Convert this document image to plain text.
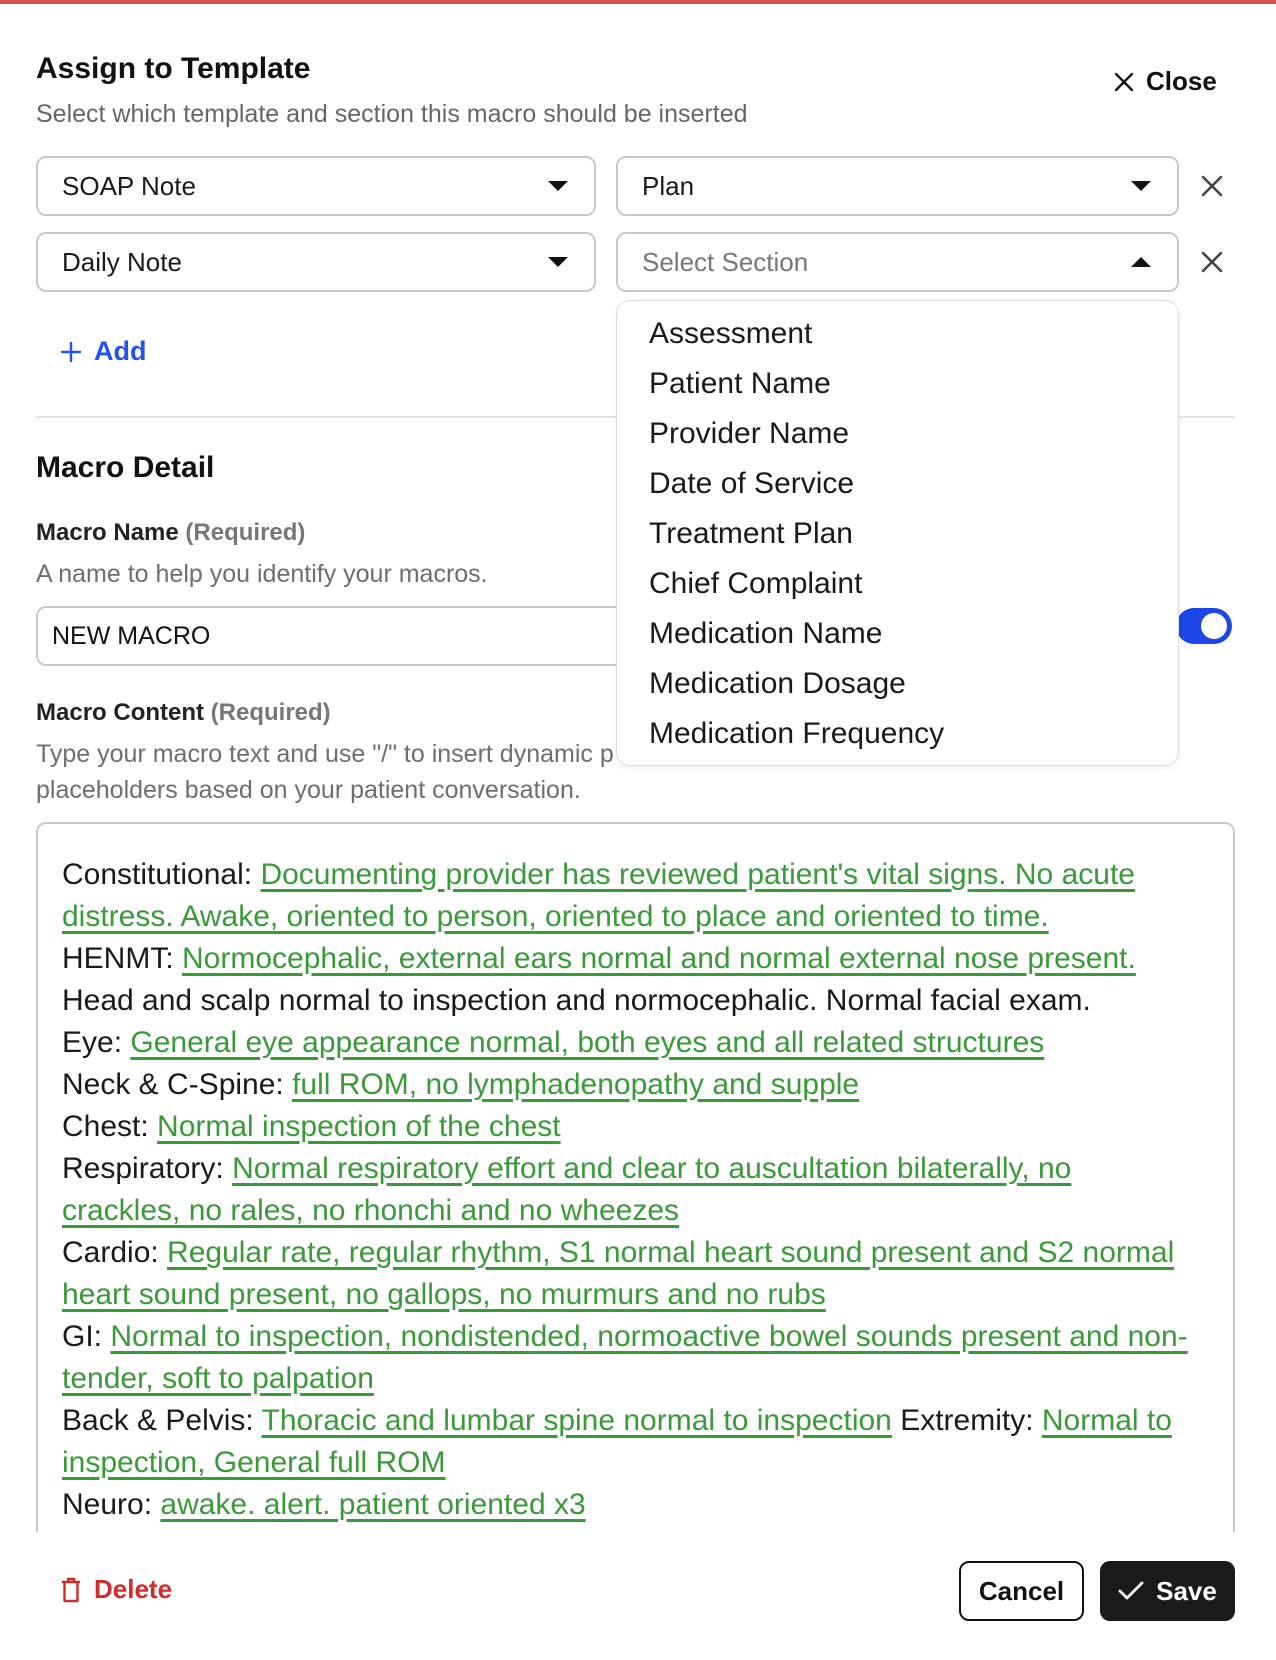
Assign to Template

Select which template and section this macro should be inserted

Close
SOAP Note	Plan
Daily Note	Select Section
Add
Macro Detail
Macro Name (Required)

A name to help you identify your macros.

NEW MACRO
Macro Content (Required)

Type your macro text and use "/" to insert dynamic p

placeholders based on your patient conversation.

Constitutional: Documenting provider has reviewed patient's vital signs. No acute
distress. Awake, oriented to person, oriented to place and oriented to time.
HENMT: Normocephalic, external ears normal and normal external nose present.
Head and scalp normal to inspection and normocephalic. Normal facial exam.
Eye: General eye appearance normal, both eyes and all related structures
Neck & C-Spine: full ROM, no lymphadenopathy and supple
Chest: Normal inspection of the chest
Respiratory: Normal respiratory effort and clear to auscultation bilaterally, no
crackles, no rales, no rhonchi and no wheezes
Cardio: Regular rate, regular rhythm, S1 normal heart sound present and S2 normal
heart sound present, no gallops, no murmurs and no rubs
GI: Normal to inspection, nondistended, normoactive bowel sounds present and non-
tender, soft to palpation
Back & Pelvis: Thoracic and lumbar spine normal to inspection Extremity: Normal to
inspection, General full ROM
Neuro: awake. alert. patient oriented x3
Assessment
Patient Name
Provider Name
Date of Service
Treatment Plan
Chief Complaint
Medication Name
Medication Dosage
Medication Frequency
Delete	Cancel	Save
